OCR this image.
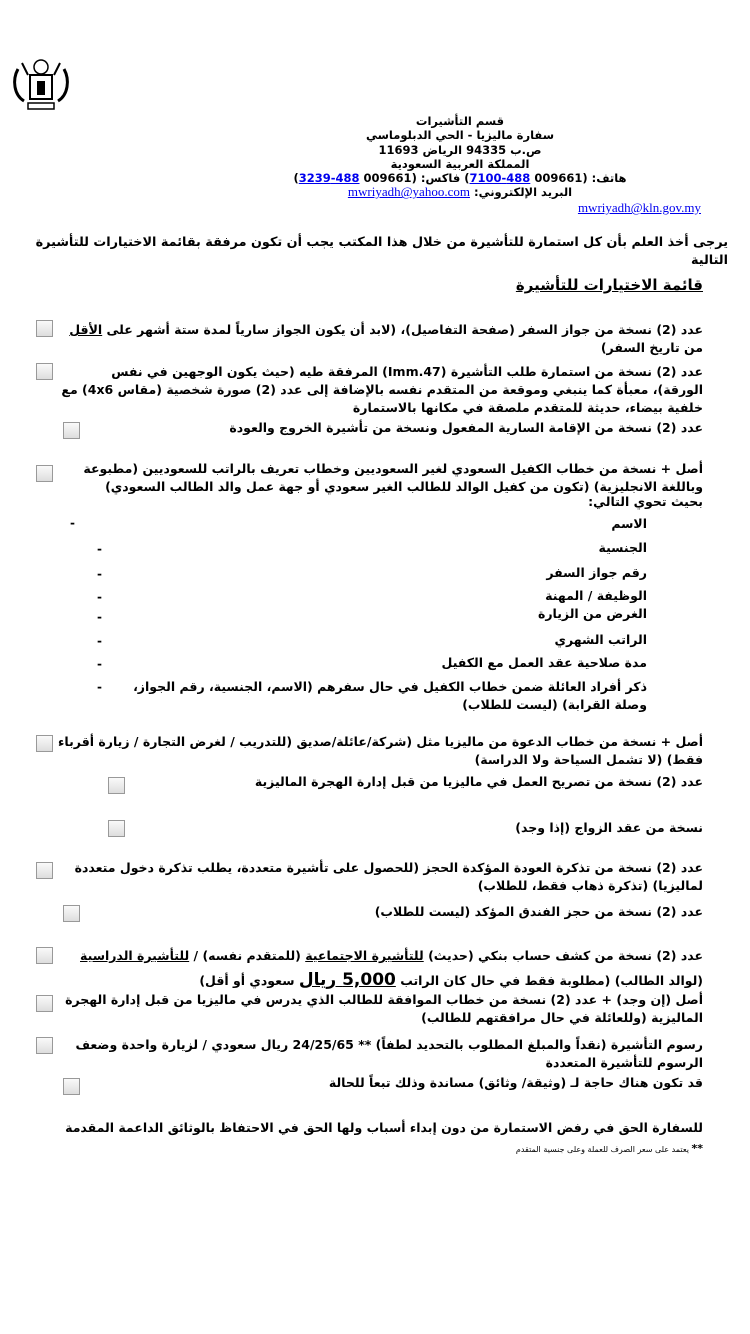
قسم التأشيرات
سفارة ماليزيا - الحي الدبلوماسي
ص.ب 94335 الرياض 11693
المملكة العربية السعودية
هاتف: (009661 488-7100) فاكس: (009661 488-3239)
البريد الإلكتروني: mwriyadh@yahoo.com
mwriyadh@kln.gov.my
يرجى أخذ العلم بأن كل استمارة للتأشيرة من خلال هذا المكتب يجب أن تكون مرفقة بقائمة الاختيارات للتأشيرة التالية
قائمة الاختيارات للتأشيرة
عدد (2) نسخة من جواز السفر (صفحة التفاصيل)، (لابد أن يكون الجواز سارياً لمدة ستة أشهر على الأقل من تاريخ السفر)
عدد (2) نسخة من استمارة طلب التأشيرة (Imm.47) المرفقة طيه (حيث يكون الوجهين في نفس الورقة)، معبأة كما ينبغي وموقعة من المتقدم نفسه بالإضافة إلى عدد (2) صورة شخصية (مقاس 4x6) مع خلفية بيضاء، حديثة للمتقدم ملصقة في مكانها بالاستمارة
عدد (2) نسخة من الإقامة السارية المفعول ونسخة من تأشيرة الخروج والعودة
أصل + نسخة من خطاب الكفيل السعودي لغير السعوديين وخطاب تعريف بالراتب للسعوديين (مطبوعة وباللغة الانجليزية) (تكون من كفيل الوالد للطالب الغير سعودي أو جهة عمل والد الطالب السعودي)
بحيث تحوي التالي:
الاسم
-
الجنسية
-
رقم جواز السفر
-
الوظيفة / المهنة
-
الغرض من الزيارة
-
الراتب الشهري
-
مدة صلاحية عقد العمل مع الكفيل
-
ذكر أفراد العائلة ضمن خطاب الكفيل في حال سفرهم (الاسم، الجنسية، رقم الجواز، وصلة القرابة) (ليست للطلاب)
-
أصل + نسخة من خطاب الدعوة من ماليزيا مثل (شركة/عائلة/صديق (للتدريب / لغرض التجارة / زيارة أقرباء فقط) (لا تشمل السياحة ولا الدراسة)
عدد (2) نسخة من تصريح العمل في ماليزيا من قبل إدارة الهجرة الماليزية
نسخة من عقد الزواج (إذا وجد)
عدد (2) نسخة من تذكرة العودة المؤكدة الحجز (للحصول على تأشيرة متعددة، يطلب تذكرة دخول متعددة لماليزيا) (تذكرة ذهاب فقط، للطلاب)
عدد (2) نسخة من حجز الفندق المؤكد (ليست للطلاب)
عدد (2) نسخة من كشف حساب بنكي (حديث) للتأشيرة الاجتماعية (للمتقدم نفسه) / للتأشيرة الدراسية (لوالد الطالب) (مطلوبة فقط في حال كان الراتب 5,000 ريال سعودي أو أقل)
أصل (إن وجد) + عدد (2) نسخة من خطاب الموافقة للطالب الذي يدرس في ماليزيا من قبل إدارة الهجرة الماليزية (وللعائلة في حال مرافقتهم للطالب)
رسوم التأشيرة (نقداً والمبلغ المطلوب بالتحديد لطفاً) ** 24/25/65 ريال سعودي / لزيارة واحدة وضعف الرسوم للتأشيرة المتعددة
قد تكون هناك حاجة لـ (وثيقة/ وثائق) مساندة وذلك تبعاً للحالة
للسفارة الحق في رفض الاستمارة من دون إبداء أسباب ولها الحق في الاحتفاظ بالوثائق الداعمة المقدمة
** يعتمد على سعر الصرف للعملة وعلى جنسية المتقدم
